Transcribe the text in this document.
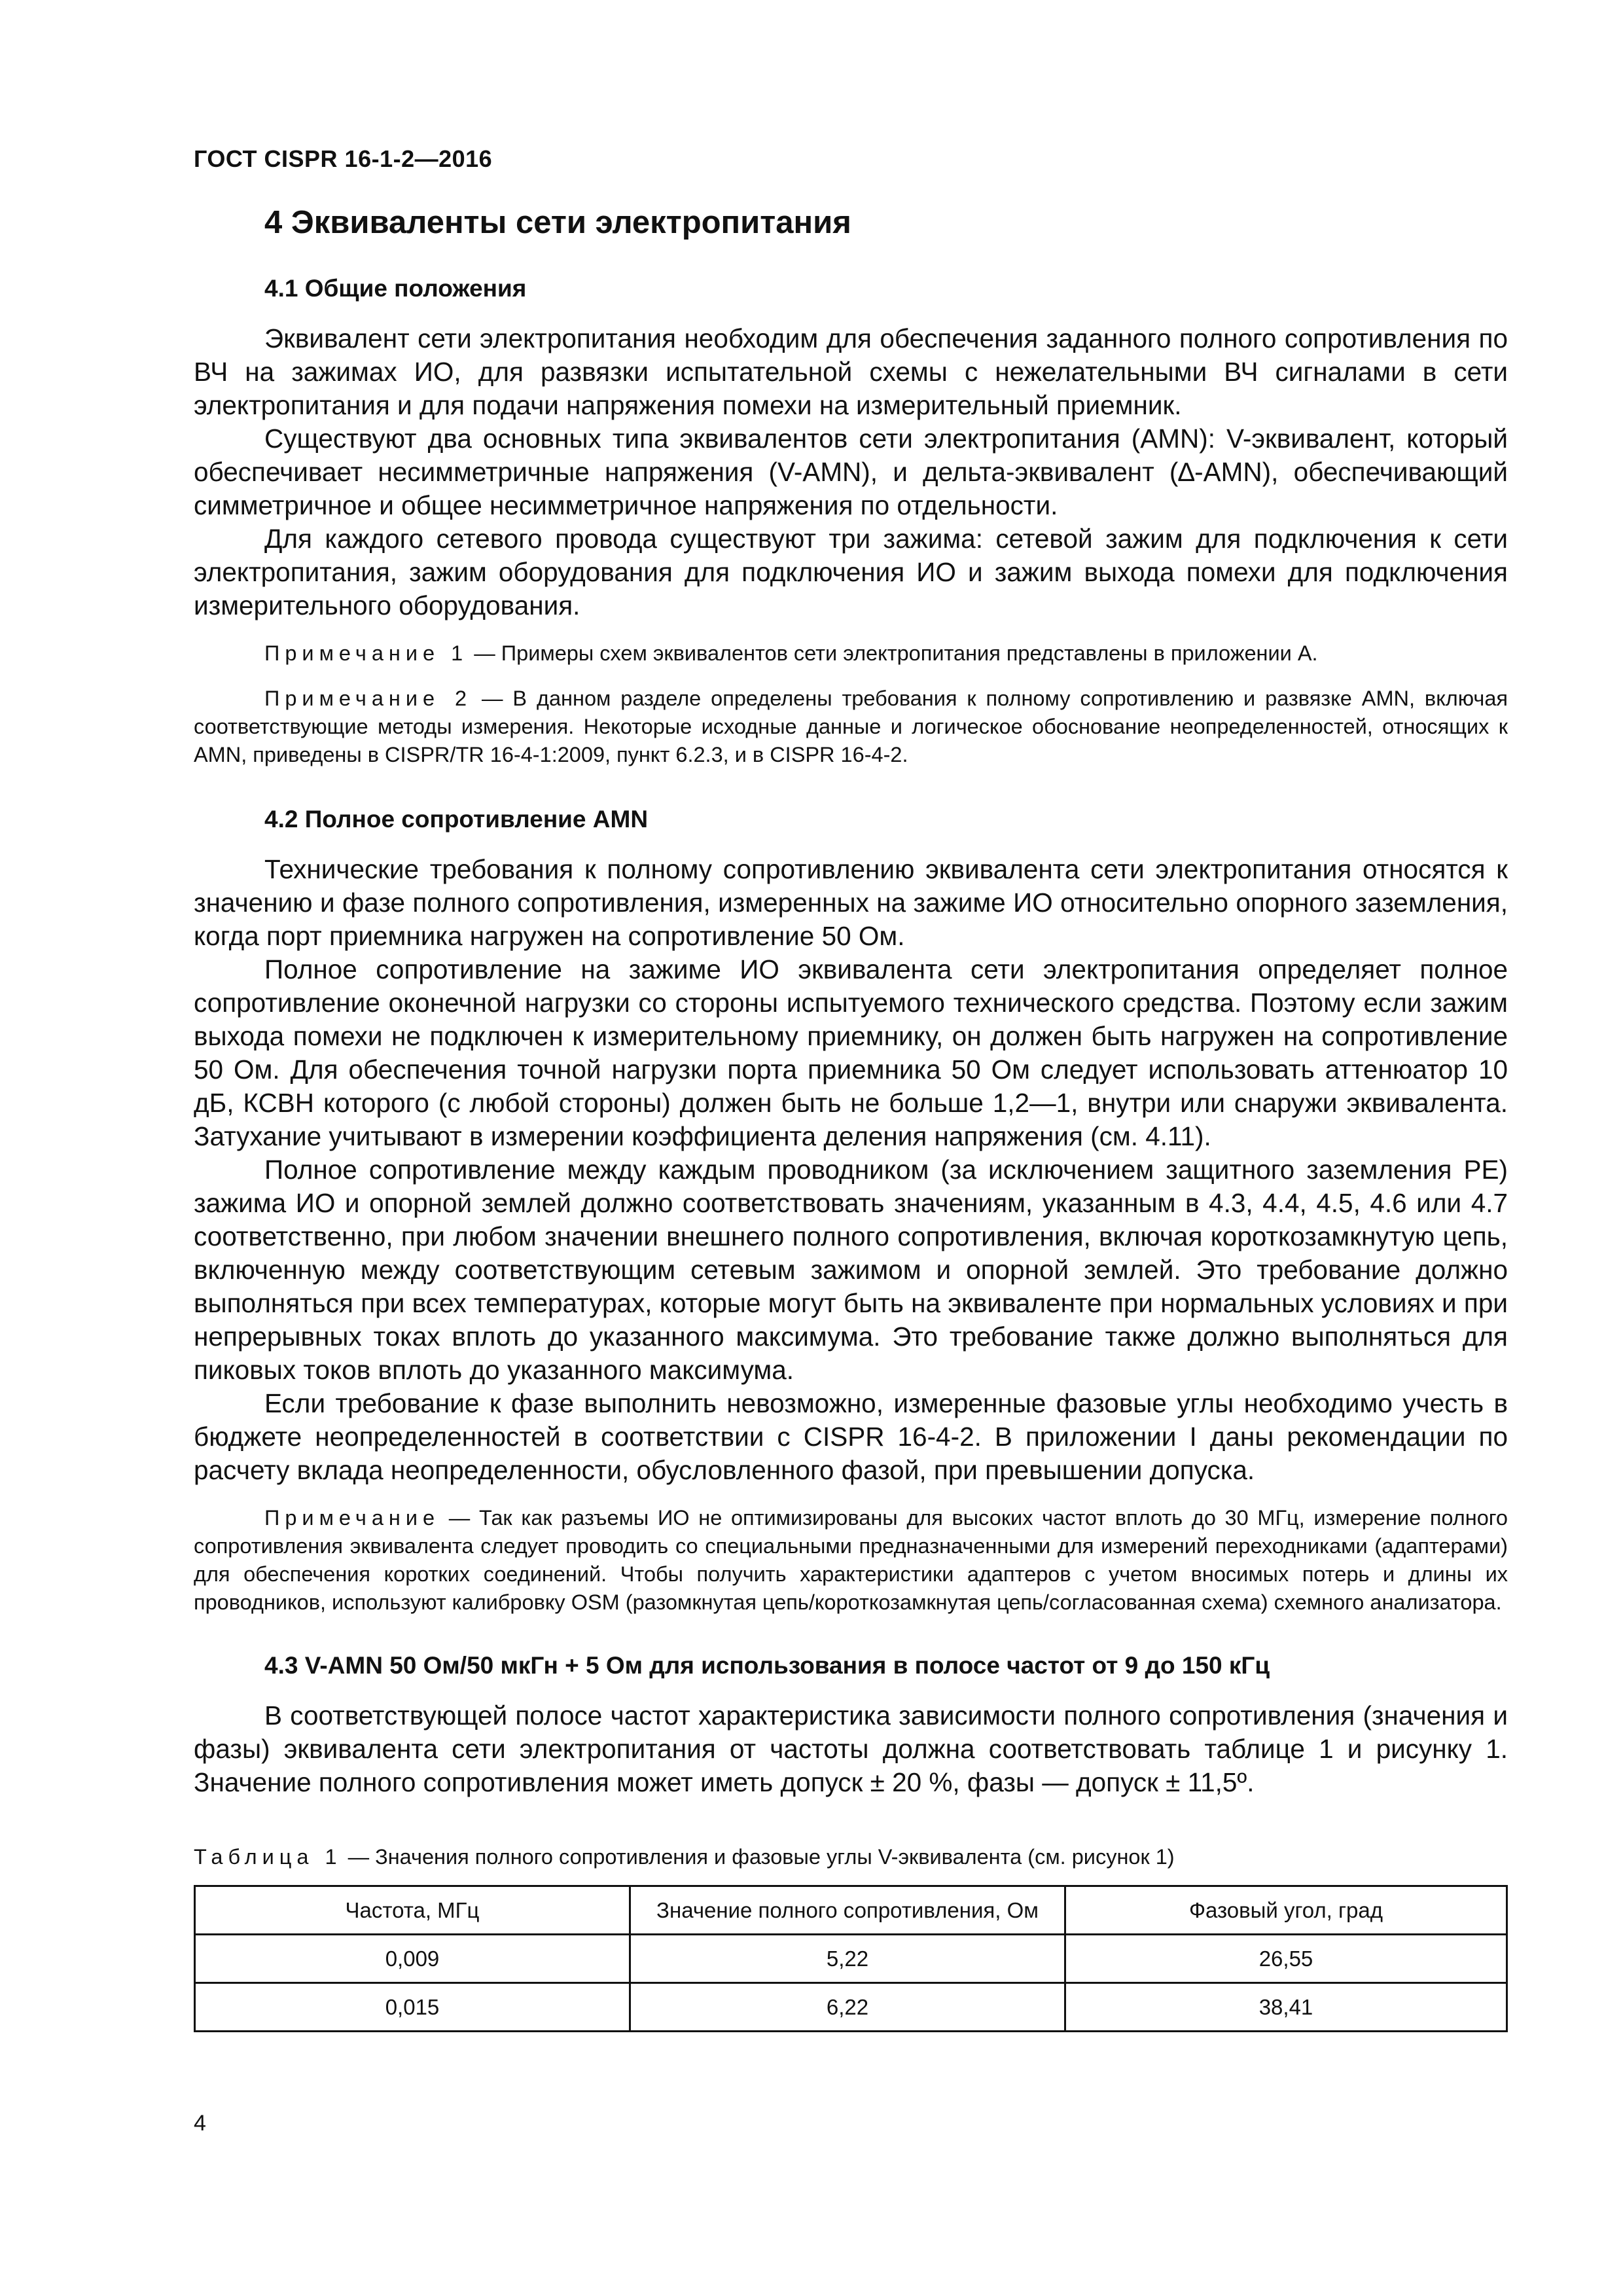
ГОСТ CISPR 16-1-2—2016
4 Эквиваленты сети электропитания
4.1 Общие положения

Эквивалент сети электропитания необходим для обеспечения заданного полного сопротивления по ВЧ на зажимах ИО, для развязки испытательной схемы с нежелательными ВЧ сигналами в сети электропитания и для подачи напряжения помехи на измерительный приемник.

Существуют два основных типа эквивалентов сети электропитания (AMN): V-эквивалент, который обеспечивает несимметричные напряжения (V-AMN), и дельта-эквивалент (∆-AMN), обеспечивающий симметричное и общее несимметричное напряжения по отдельности.

Для каждого сетевого провода существуют три зажима: сетевой зажим для подключения к сети электропитания, зажим оборудования для подключения ИО и зажим выхода помехи для подключения измерительного оборудования.

Примечание 1 — Примеры схем эквивалентов сети электропитания представлены в приложении А.

Примечание 2 — В данном разделе определены требования к полному сопротивлению и развязке AMN, включая соответствующие методы измерения. Некоторые исходные данные и логическое обоснование неопределенностей, относящих к AMN, приведены в CISPR/TR 16-4-1:2009, пункт 6.2.3, и в CISPR 16-4-2.

4.2 Полное сопротивление AMN

Технические требования к полному сопротивлению эквивалента сети электропитания относятся к значению и фазе полного сопротивления, измеренных на зажиме ИО относительно опорного заземления, когда порт приемника нагружен на сопротивление 50 Ом.

Полное сопротивление на зажиме ИО эквивалента сети электропитания определяет полное сопротивление оконечной нагрузки со стороны испытуемого технического средства. Поэтому если зажим выхода помехи не подключен к измерительному приемнику, он должен быть нагружен на сопротивление 50 Ом. Для обеспечения точной нагрузки порта приемника 50 Ом следует использовать аттенюатор 10 дБ, КСВН которого (с любой стороны) должен быть не больше 1,2—1, внутри или снаружи эквивалента. Затухание учитывают в измерении коэффициента деления напряжения (см. 4.11).

Полное сопротивление между каждым проводником (за исключением защитного заземления РЕ) зажима ИО и опорной землей должно соответствовать значениям, указанным в 4.3, 4.4, 4.5, 4.6 или 4.7 соответственно, при любом значении внешнего полного сопротивления, включая короткозамкнутую цепь, включенную между соответствующим сетевым зажимом и опорной землей. Это требование должно выполняться при всех температурах, которые могут быть на эквиваленте при нормальных условиях и при непрерывных токах вплоть до указанного максимума. Это требование также должно выполняться для пиковых токов вплоть до указанного максимума.

Если требование к фазе выполнить невозможно, измеренные фазовые углы необходимо учесть в бюджете неопределенностей в соответствии с CISPR 16-4-2. В приложении I даны рекомендации по расчету вклада неопределенности, обусловленного фазой, при превышении допуска.

Примечание — Так как разъемы ИО не оптимизированы для высоких частот вплоть до 30 МГц, измерение полного сопротивления эквивалента следует проводить со специальными предназначенными для измерений переходниками (адаптерами) для обеспечения коротких соединений. Чтобы получить характеристики адаптеров с учетом вносимых потерь и длины их проводников, используют калибровку OSM (разомкнутая цепь/короткозамкнутая цепь/согласованная схема) схемного анализатора.

4.3 V-AMN 50 Ом/50 мкГн + 5 Ом для использования в полосе частот от 9 до 150 кГц

В соответствующей полосе частот характеристика зависимости полного сопротивления (значения и фазы) эквивалента сети электропитания от частоты должна соответствовать таблице 1 и рисунку 1. Значение полного сопротивления может иметь допуск ± 20 %, фазы — допуск ± 11,5º.

Таблица 1 — Значения полного сопротивления и фазовые углы V-эквивалента (см. рисунок 1)
Частота, МГц	Значение полного сопротивления, Ом	Фазовый угол, град
0,009	5,22	26,55
0,015	6,22	38,41
4
